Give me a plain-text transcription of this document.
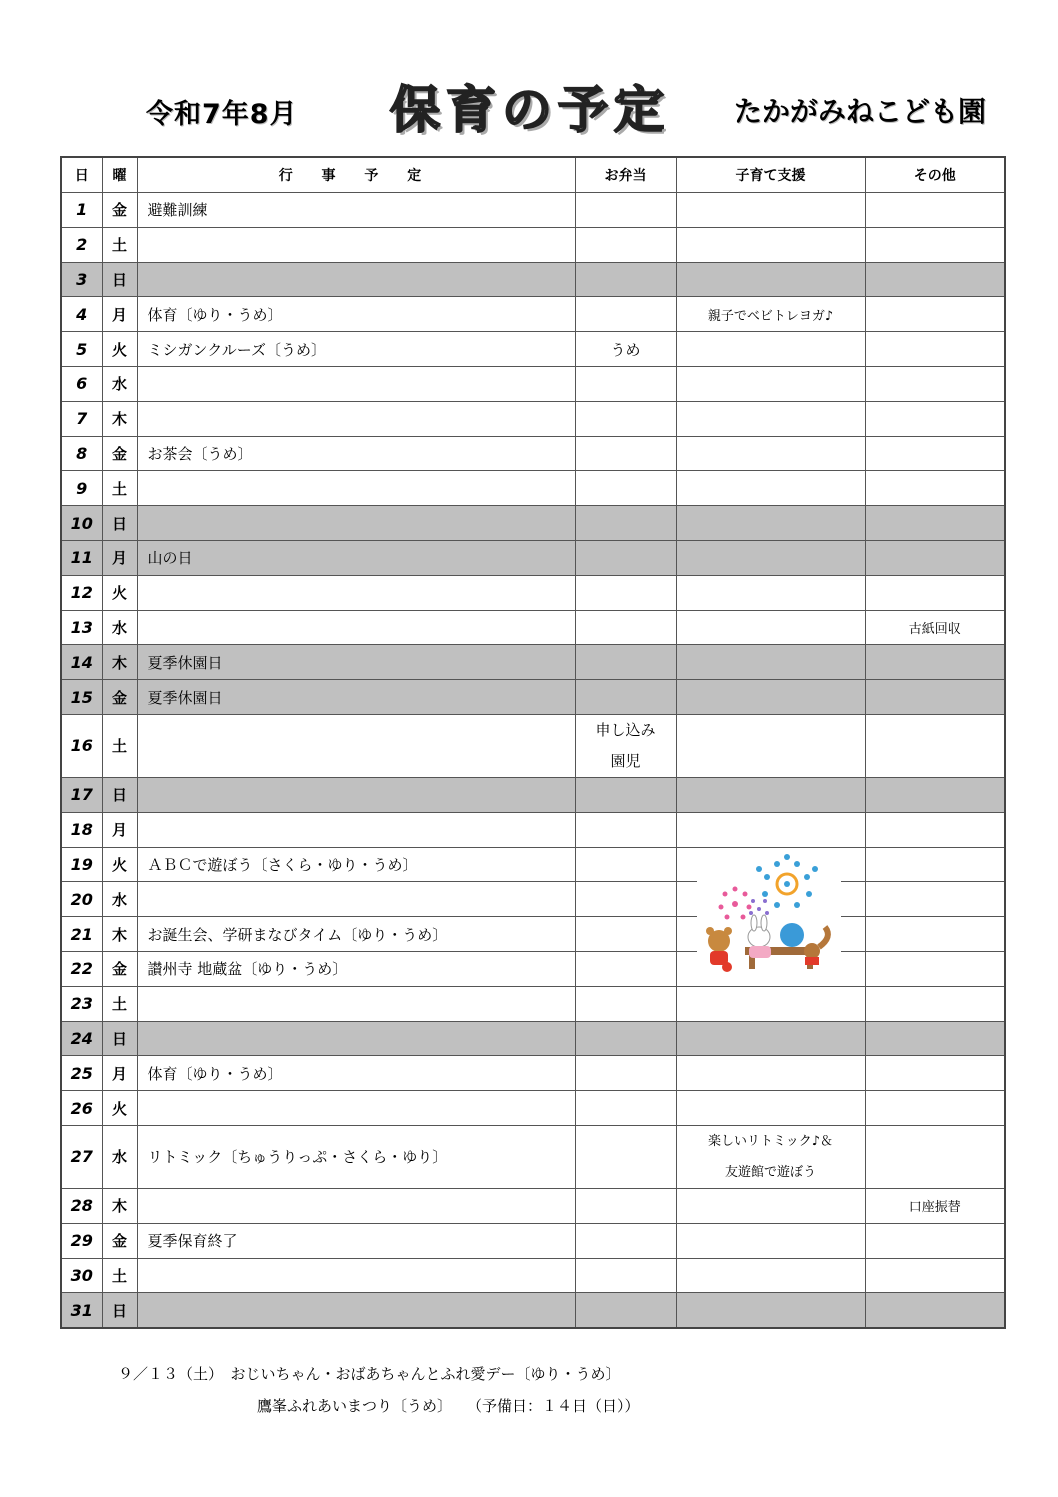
令和7年8月 保育の予定 たかがみねこども園
日	曜	行 事 予 定	お弁当	子育て支援	その他
1	金	避難訓練			
2	土				
3	日				
4	月	体育〔ゆり・うめ〕		親子でベビトレヨガ♪	
5	火	ミシガンクルーズ〔うめ〕	うめ		
6	水				
7	木				
8	金	お茶会〔うめ〕			
9	土				
10	日				
11	月	山の日			
12	火				
13	水				古紙回収
14	木	夏季休園日			
15	金	夏季休園日			
16	土		申し込み
園児		

17	日				
18	月				
19	火	ＡＢＣで遊ぼう〔さくら・ゆり・うめ〕			
20	水				
21	木	お誕生会、学研まなびタイム〔ゆり・うめ〕			
22	金	讃州寺 地蔵盆〔ゆり・うめ〕			
23	土				
24	日				
25	月	体育〔ゆり・うめ〕			
26	火				
27	水	リトミック〔ちゅうりっぷ・さくら・ゆり〕		楽しいリトミック♪＆
友遊館で遊ぼう	

28	木				口座振替
29	金	夏季保育終了			
30	土				
31	日				
９／１３（土）　おじいちゃん・おばあちゃんとふれ愛デー〔ゆり・うめ〕
鷹峯ふれあいまつり〔うめ〕　　（予備日：１４日（日））
